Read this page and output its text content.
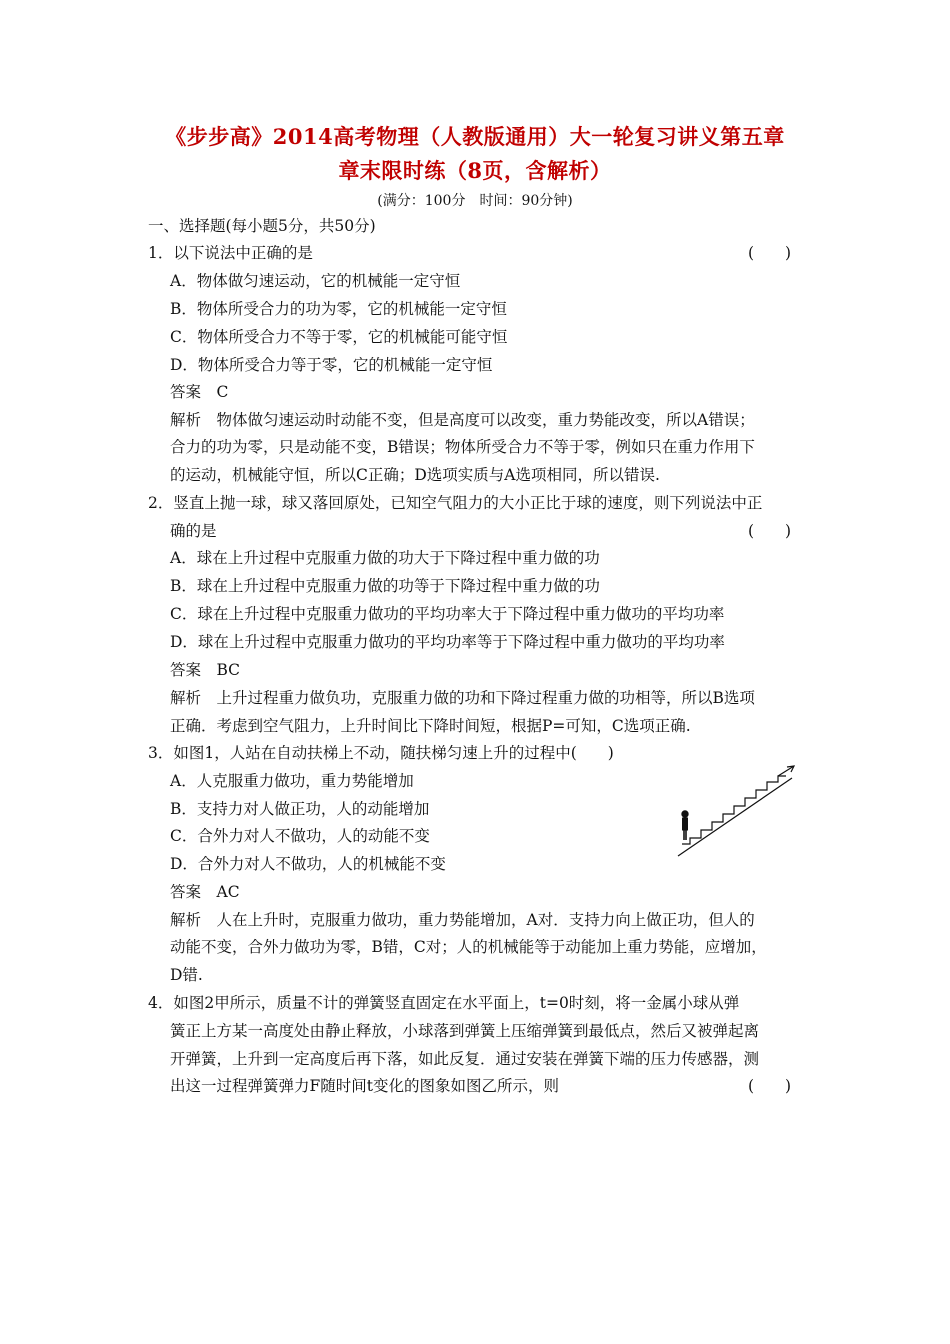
《步步高》2014高考物理（人教版通用）大一轮复习讲义第五章
章末限时练（8页，含解析）
(满分：100分　时间：90分钟)
一、选择题(每小题5分，共50分)
1．以下说法中正确的是	(　　)
A．物体做匀速运动，它的机械能一定守恒
B．物体所受合力的功为零，它的机械能一定守恒
C．物体所受合力不等于零，它的机械能可能守恒
D．物体所受合力等于零，它的机械能一定守恒
答案　C
解析　物体做匀速运动时动能不变，但是高度可以改变，重力势能改变，所以A错误；
合力的功为零，只是动能不变，B错误；物体所受合力不等于零，例如只在重力作用下
的运动，机械能守恒，所以C正确；D选项实质与A选项相同，所以错误.
2．竖直上抛一球，球又落回原处，已知空气阻力的大小正比于球的速度，则下列说法中正
确的是	(　　)
A．球在上升过程中克服重力做的功大于下降过程中重力做的功
B．球在上升过程中克服重力做的功等于下降过程中重力做的功
C．球在上升过程中克服重力做功的平均功率大于下降过程中重力做功的平均功率
D．球在上升过程中克服重力做功的平均功率等于下降过程中重力做功的平均功率
答案　BC
解析　上升过程重力做负功，克服重力做的功和下降过程重力做的功相等，所以B选项
正确．考虑到空气阻力，上升时间比下降时间短，根据P=可知，C选项正确.
3．如图1，人站在自动扶梯上不动，随扶梯匀速上升的过程中(　　)
A．人克服重力做功，重力势能增加
B．支持力对人做正功，人的动能增加
C．合外力对人不做功，人的动能不变
D．合外力对人不做功，人的机械能不变
答案　AC
解析　人在上升时，克服重力做功，重力势能增加，A对．支持力向上做正功，但人的
动能不变，合外力做功为零，B错，C对；人的机械能等于动能加上重力势能，应增加，
D错.
4．如图2甲所示，质量不计的弹簧竖直固定在水平面上，t=0时刻，将一金属小球从弹
簧正上方某一高度处由静止释放，小球落到弹簧上压缩弹簧到最低点，然后又被弹起离
开弹簧，上升到一定高度后再下落，如此反复．通过安装在弹簧下端的压力传感器，测
出这一过程弹簧弹力F随时间t变化的图象如图乙所示，则	(　　)
